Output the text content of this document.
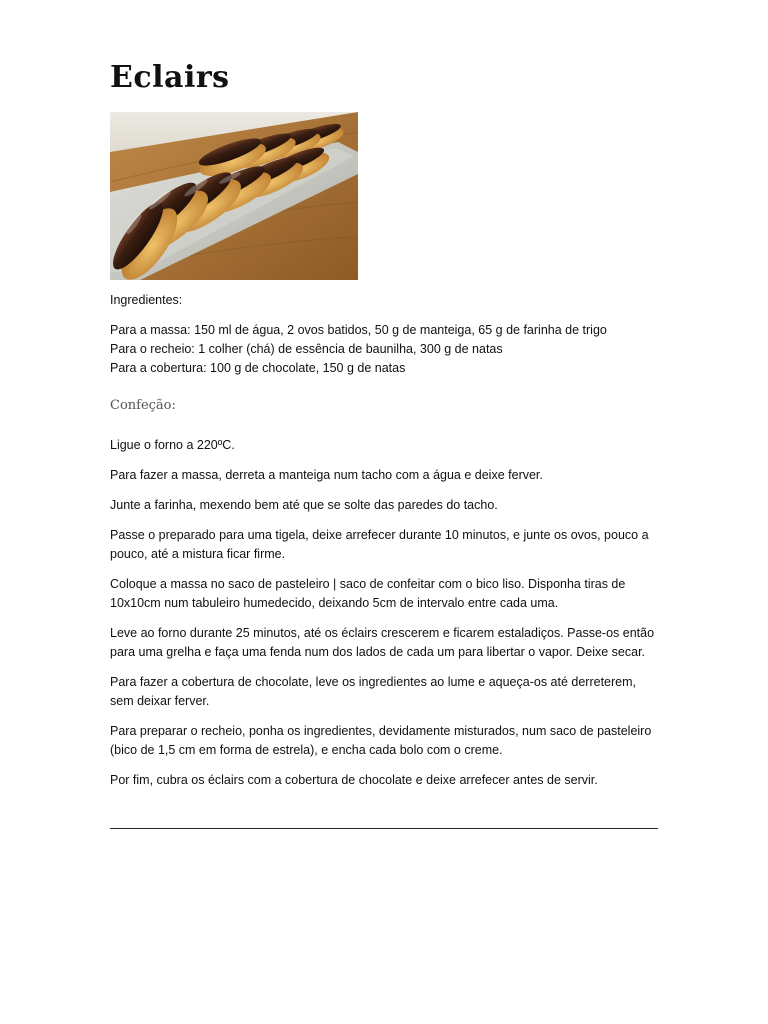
Eclairs
Ingredientes:
Para a massa: 150 ml de água, 2 ovos batidos, 50 g de manteiga, 65 g de farinha de trigo
Para o recheio: 1 colher (chá) de essência de baunilha, 300 g de natas
Para a cobertura: 100 g de chocolate, 150 g de natas
Confeção:

Ligue o forno a 220ºC.

Para fazer a massa, derreta a manteiga num tacho com a água e deixe ferver.

Junte a farinha, mexendo bem até que se solte das paredes do tacho.

Passe o preparado para uma tigela, deixe arrefecer durante 10 minutos, e junte os ovos, pouco a pouco, até a mistura ficar firme.

Coloque a massa no saco de pasteleiro | saco de confeitar com o bico liso. Disponha tiras de 10x10cm num tabuleiro humedecido, deixando 5cm de intervalo entre cada uma.

Leve ao forno durante 25 minutos, até os éclairs crescerem e ficarem estaladiços. Passe-os então para uma grelha e faça uma fenda num dos lados de cada um para libertar o vapor. Deixe secar.

Para fazer a cobertura de chocolate, leve os ingredientes ao lume e aqueça-os até derreterem, sem deixar ferver.

Para preparar o recheio, ponha os ingredientes, devidamente misturados, num saco de pasteleiro (bico de 1,5 cm em forma de estrela), e encha cada bolo com o creme.

Por fim, cubra os éclairs com a cobertura de chocolate e deixe arrefecer antes de servir.
